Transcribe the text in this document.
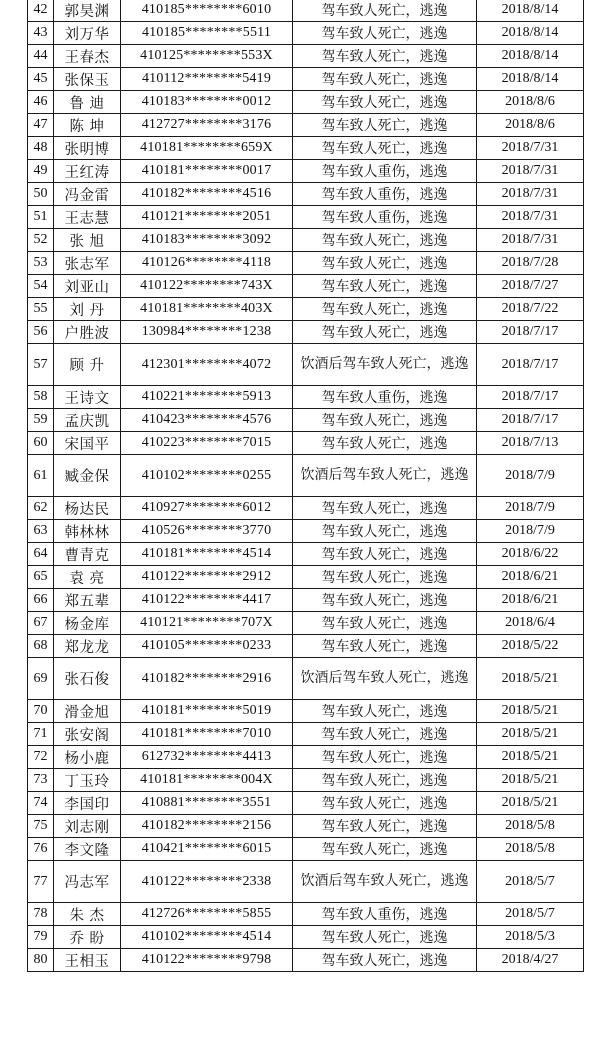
42	郭昊渊	410185********6010	驾车致人死亡，逃逸	2018/8/14
43	刘万华	410185********5511	驾车致人死亡，逃逸	2018/8/14
44	王春杰	410125********553X	驾车致人死亡，逃逸	2018/8/14
45	张保玉	410112********5419	驾车致人死亡，逃逸	2018/8/14
46	鲁 迪	410183********0012	驾车致人死亡，逃逸	2018/8/6
47	陈 坤	412727********3176	驾车致人死亡，逃逸	2018/8/6
48	张明博	410181********659X	驾车致人死亡，逃逸	2018/7/31
49	王红涛	410181********0017	驾车致人重伤，逃逸	2018/7/31
50	冯金雷	410182********4516	驾车致人重伤，逃逸	2018/7/31
51	王志慧	410121********2051	驾车致人重伤，逃逸	2018/7/31
52	张 旭	410183********3092	驾车致人死亡，逃逸	2018/7/31
53	张志军	410126********4118	驾车致人死亡，逃逸	2018/7/28
54	刘亚山	410122********743X	驾车致人死亡，逃逸	2018/7/27
55	刘 丹	410181********403X	驾车致人死亡，逃逸	2018/7/22
56	户胜波	130984********1238	驾车致人死亡，逃逸	2018/7/17
57	顾 升	412301********4072	饮酒后驾车致人死亡，逃逸	2018/7/17
58	王诗文	410221********5913	驾车致人重伤，逃逸	2018/7/17
59	孟庆凯	410423********4576	驾车致人死亡，逃逸	2018/7/17
60	宋国平	410223********7015	驾车致人死亡，逃逸	2018/7/13
61	臧金保	410102********0255	饮酒后驾车致人死亡，逃逸	2018/7/9
62	杨达民	410927********6012	驾车致人死亡，逃逸	2018/7/9
63	韩林林	410526********3770	驾车致人死亡，逃逸	2018/7/9
64	曹青克	410181********4514	驾车致人死亡，逃逸	2018/6/22
65	袁 亮	410122********2912	驾车致人死亡，逃逸	2018/6/21
66	郑五辈	410122********4417	驾车致人死亡，逃逸	2018/6/21
67	杨金库	410121********707X	驾车致人死亡，逃逸	2018/6/4
68	郑龙龙	410105********0233	驾车致人死亡，逃逸	2018/5/22
69	张石俊	410182********2916	饮酒后驾车致人死亡，逃逸	2018/5/21
70	滑金旭	410181********5019	驾车致人死亡，逃逸	2018/5/21
71	张安阁	410181********7010	驾车致人死亡，逃逸	2018/5/21
72	杨小鹿	612732********4413	驾车致人死亡，逃逸	2018/5/21
73	丁玉玲	410181********004X	驾车致人死亡，逃逸	2018/5/21
74	李国印	410881********3551	驾车致人死亡，逃逸	2018/5/21
75	刘志刚	410182********2156	驾车致人死亡，逃逸	2018/5/8
76	李文隆	410421********6015	驾车致人死亡，逃逸	2018/5/8
77	冯志军	410122********2338	饮酒后驾车致人死亡，逃逸	2018/5/7
78	朱 杰	412726********5855	驾车致人重伤，逃逸	2018/5/7
79	乔 盼	410102********4514	驾车致人死亡，逃逸	2018/5/3
80	王相玉	410122********9798	驾车致人死亡，逃逸	2018/4/27
